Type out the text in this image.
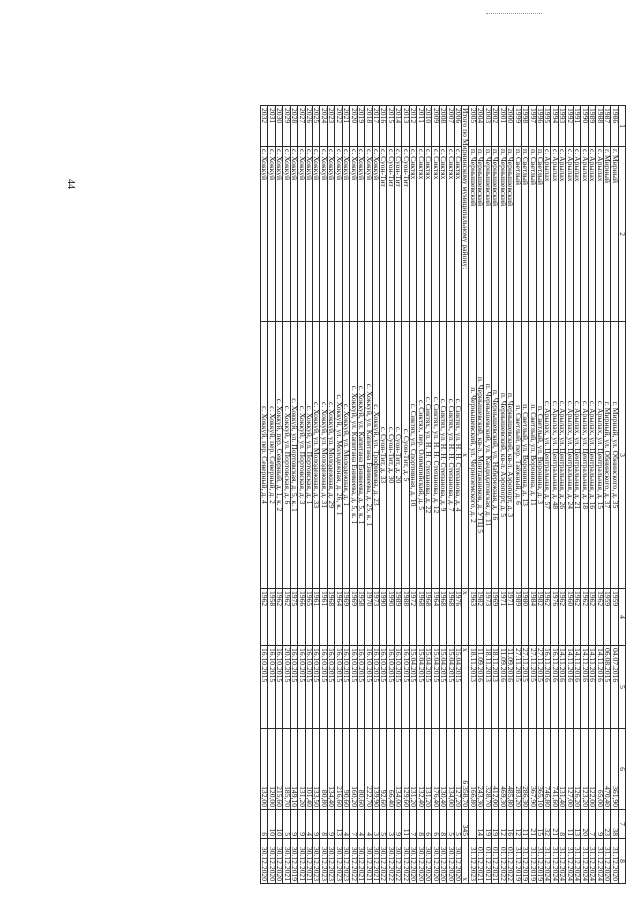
44
1	2	3	4	5	6	7	8
1986	г. Мирный	г. Мирный, ул. Обнинского, д. 35	1959	04.07.2016	361,90	38	31.12.2020
1987	г. Мирный	г. Мирный, ул. Обнинского, д. 37	1959	06.08.2015	470,40	23	31.12.2020
1988	с. Арылах	с. Арылах, ул. Центральная, д. 15	1962	14.11.2016	65,00	9	31.12.2024
1989	с. Арылах	с. Арылах, ул. Центральная, д. 16	1962	14.11.2016	122,00	7	31.12.2024
1990	с. Арылах	с. Арылах, ул. Центральная, д. 18	1962	14.11.2016	123,20	20	31.12.2024
1991	с. Арылах	с. Арылах, ул. Центральная, д. 21	1962	14.11.2016	126,20	13	31.12.2024
1992	с. Арылах	с. Арылах, ул. Центральная, д. 24	1960	14.11.2016	127,00	11	31.12.2024
1993	с. Арылах	с. Арылах, ул. Центральная, д. 26	1962	14.11.2016	131,40	8	31.12.2024
1994	с. Арылах	с. Арылах, ул. Центральная, д. 48	1976	16.11.2016	741,60	21	31.12.2024
1995	с. Арылах	с. Арылах, ул. Центральная, д. 57	1962	16.11.2016	746,80	32	31.12.2024
1996	п. Светлый	п. Светлый, ул. Воронина, д. 3	1982	27.11.2015	365,10	15	31.12.2019
1997	п. Светлый	п. Светлый, ул. Воронина, д. 11	1984	27.11.2015	367,90	21	31.12.2019
1998	п. Светлый	п. Светлый, ул. Воронина, д. 13	1980	27.11.2015	286,30	11	31.12.2019
1999	п. Светлый	п. Светлый, пер. Таёжный, д. 6	1989	27.11.2015	283,20	12	31.12.2019
2000	п. Чернышевский	п. Чернышевский, кв-л. Аэропорт, д. 3	1971	11.09.2016	485,80	16	01.12.2022
2001	п. Чернышевский	п. Чернышевский, кв-л. Аэропорт, д. 5	1971	11.09.2016	469,30	12	01.12.2022
2002	п. Чернышевский	п. Чернышевский, ул. Набережная, д. 16	1969	18.11.2013	412,00	19	01.12.2021
2003	п. Чернышевский	п. Чернышевский, ул. Кандидатовская, д. 11	1973	18.11.2013	328,70	19	01.12.2021
2004	п. Чернышевский	п. Чернышевский, кв-л. Монтажников, д. УТЦ 5	1982	11.09.2016	243,30	14	01.12.2021
2005	п. Чернышевский	п. Чернышевский, ул. Черноземского, д. 2	1963	18.11.2013	166,80		31.12.2023
Итого по Мирнинскому муниципальному району:		x	x	x	6 358,70	345	x
2006	с. Сиктях	с. Сиктях, ул. Н. Н. Степанова, д. 4	1976	15.04.2015	127,20	5	30.12.2020
2007	с. Сиктях	с. Сиктях, ул. Н. Н. Степанова, д. 7	1968	15.04.2015	134,00	5	30.12.2020
2008	с. Сиктях	с. Сиктях, ул. Н. Н. Степанова, д. 9	1968	15.04.2015	130,40	8	30.12.2020
2009	с. Сиктях	с. Сиктях, ул. Н. Н. Степанова, д. 12	1964	15.04.2015	176,40	6	30.12.2020
2010	с. Сиктях	с. Сиктях, ул. Н. Н. Степанова, д. 22	1968	15.04.2015	131,20	6	30.12.2020
2011	с. Сиктях	с. Сиктях, пер. Олимпийский, д. 5	1968	15.04.2015	132,40	8	30.12.2020
2012	с. Сиктях	с. Сиктях, ул. Спортивная, д. 10	1972	15.04.2015	131,20	7	30.12.2020
2013	с. Суон-Тит	с. Суон-Тит, д. 5	1988	16.10.2015	129,60	11	30.12.2022
2014	с. Суон-Тит	с. Суон-Тит, д. 20	1989	16.10.2015	134,00	9	30.12.2022
2015	с. Суон-Тит	с. Суон-Тит, д. 30	1990	16.10.2015	66,40	3	30.12.2022
2016	с. Суон-Тит	с. Суон-Тит, д. 33	1990	16.10.2015	92,60	5	30.12.2022
2017	с. Хоккуй	с. Хоккуй, ул. Трофимова, д. 23	1973	16.10.2015	139,90	3	30.12.2021
2018	с. Хоккуй	с. Хоккуй, ул. Капитана Еникеева, д. 25, к. 1	1970	16.10.2015	222,70	4	30.12.2021
2019	с. Хоккуй	с. Хоккуй, ул. Капитана Еникеева, д. 5, к. 1	1958	16.10.2015	80,60	4	30.12.2021
2020	с. Хоккуй	с. Хоккуй, ул. Капитана Еникеева, д. 5, к. 1	1969	16.10.2015	160,20	7	30.12.2022
2021	с. Хоккуй	с. Хоккуй, ул. Молодежная, д. 1	1969	16.10.2015	90,60	4	30.12.2023
2022	с. Хоккуй	с. Хоккуй, ул. Молодежная, д. 26, к. 1	1964	16.10.2015	216,60	13	30.12.2023
2023	с. Хоккуй	с. Хоккуй, ул. Молодежная, д. 29	1968	16.10.2015	134,40	9	30.12.2023
2024	с. Хоккуй	с. Хоккуй, ул. Молодежная, д. 31	1961	16.10.2015	80,80	8	30.12.2023
2025	с. Хоккуй	с. Хоккуй, ул. Молодежная, д. 33	1961	16.10.2015	133,50	9	30.12.2023
2026	с. Хоккуй	с. Хоккуй, ул. Портовская, д. 1	1965	16.10.2015	101,40	4	30.12.2021
2027	с. Хоккуй	с. Хоккуй, ул. Портовская, д. 3	1966	16.10.2015	131,20	9	30.12.2021
2028	с. Хоккуй	с. Хоккуй, ул. Портовская, д. 5, к. 1	1975	16.10.2015	149,10	9	30.12.2019
2029	с. Хоккуй	с. Хоккуй, ул. Портовская, д. 6	1962	20.10.2015	185,70	5	30.12.2021
2030	с. Хоккуй	с. Хоккуй, пер. Северный, д. 1, к. 2	1962	16.10.2015	215,60	10	30.12.2020
2031	с. Хоккуй	с. Хоккуй, пер. Северный, д. 2	1958	16.10.2015	120,00	10	30.12.2020
2032	с. Хоккуй	с. Хоккуй, пер. Северный, д. 4	1962	16.10.2015	132,00	6	30.12.2020
